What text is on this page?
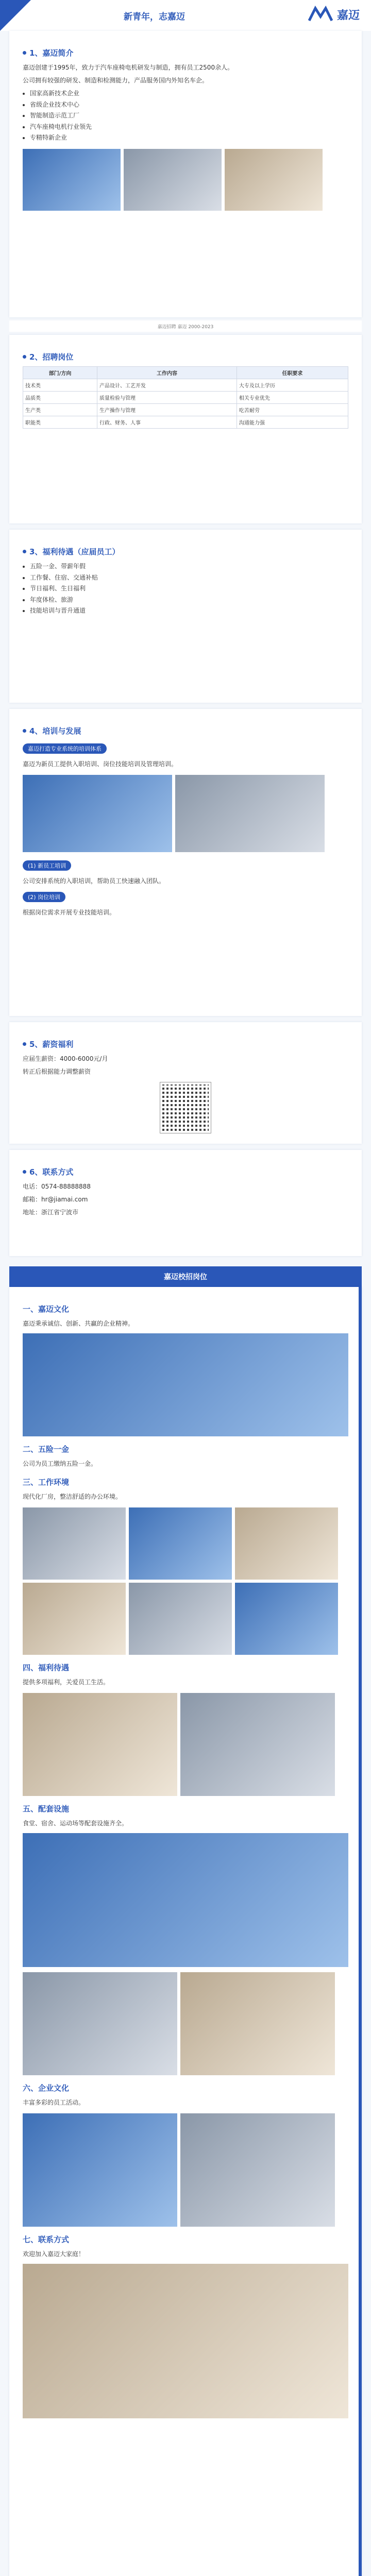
新青年，志嘉迈	嘉迈
1、嘉迈简介

嘉迈创建于1995年，致力于汽车座椅电机研发与制造，拥有员工2500余人。

公司拥有较强的研发、制造和检测能力，产品服务国内外知名车企。

• 国家高新技术企业
• 省级企业技术中心
• 智能制造示范工厂
• 汽车座椅电机行业领先
• 专精特新企业
嘉迈招聘 嘉迈 2000-2023
2、招聘岗位
部门/方向	工作内容	任职要求
技术类	产品设计、工艺开发	大专及以上学历
品质类	质量检验与管理	相关专业优先
生产类	生产操作与管理	吃苦耐劳
职能类	行政、财务、人事	沟通能力强
3、福利待遇（应届员工）
• 五险一金、带薪年假
• 工作餐、住宿、交通补贴
• 节日福利、生日福利
• 年度体检、旅游
• 技能培训与晋升通道
4、培训与发展
嘉迈打造专业系统的培训体系

嘉迈为新员工提供入职培训、岗位技能培训及管理培训。

(1) 新员工培训

公司安排系统的入职培训，帮助员工快速融入团队。

(2) 岗位培训

根据岗位需求开展专业技能培训。

5、薪资福利

应届生薪资：4000-6000元/月

转正后根据能力调整薪资

6、联系方式

电话：0574-88888888

邮箱：hr@jiamai.com

地址：浙江省宁波市

嘉迈校招岗位
一、嘉迈文化

嘉迈秉承诚信、创新、共赢的企业精神。

二、五险一金

公司为员工缴纳五险一金。

三、工作环境

现代化厂房，整洁舒适的办公环境。

四、福利待遇

提供多项福利，关爱员工生活。

五、配套设施

食堂、宿舍、运动场等配套设施齐全。

六、企业文化

丰富多彩的员工活动。

七、联系方式

欢迎加入嘉迈大家庭！
